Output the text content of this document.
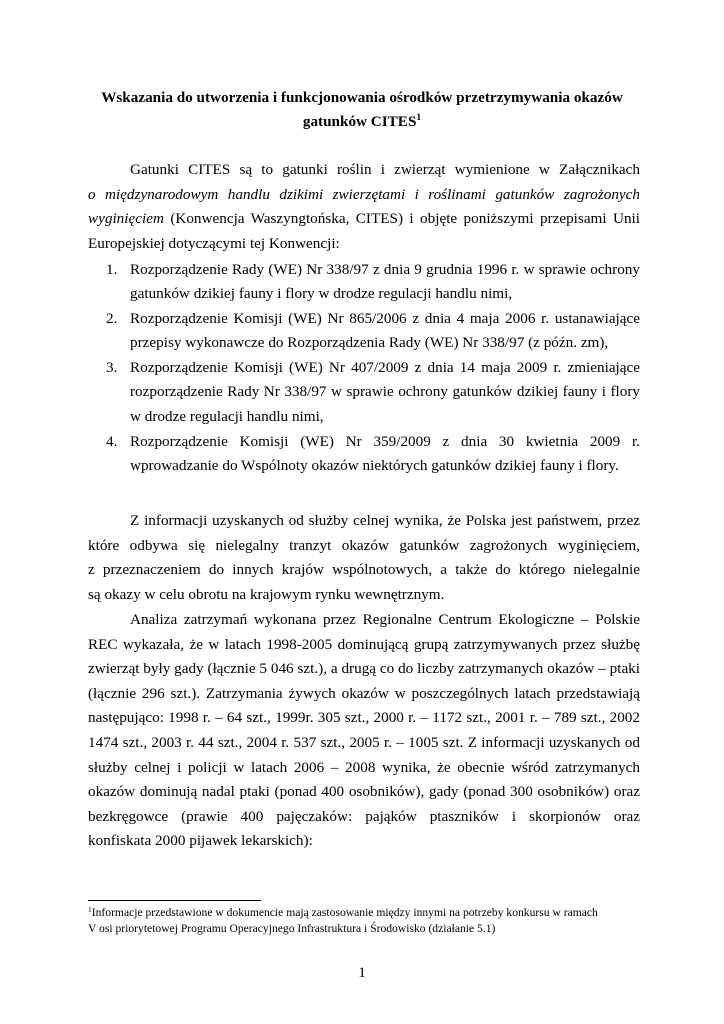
Wskazania do utworzenia i funkcjonowania ośrodków przetrzymywania okazów
gatunków CITES$^1$
Gatunki CITES są to gatunki roślin i zwierząt wymienione w Załącznikach
o międzynarodowym handlu dzikimi zwierzętami i roślinami gatunków zagrożonych
wyginięciem (Konwencja Waszyngtońska, CITES) i objęte poniższymi przepisami Unii
Europejskiej dotyczącymi tej Konwencji:
1. Rozporządzenie Rady (WE) Nr 338/97 z dnia 9 grudnia 1996 r. w sprawie ochrony
gatunków dzikiej fauny i flory w drodze regulacji handlu nimi,
2. Rozporządzenie Komisji (WE) Nr 865/2006 z dnia 4 maja 2006 r. ustanawiające
przepisy wykonawcze do Rozporządzenia Rady (WE) Nr 338/97 (z późn. zm),
3. Rozporządzenie Komisji (WE) Nr 407/2009 z dnia 14 maja 2009 r. zmieniające
rozporządzenie Rady Nr 338/97 w sprawie ochrony gatunków dzikiej fauny i flory
w drodze regulacji handlu nimi,
4. Rozporządzenie Komisji (WE) Nr 359/2009 z dnia 30 kwietnia 2009 r.
wprowadzanie do Wspólnoty okazów niektórych gatunków dzikiej fauny i flory.
Z informacji uzyskanych od służby celnej wynika, że Polska jest państwem, przez
które odbywa się nielegalny tranzyt okazów gatunków zagrożonych wyginięciem,
z przeznaczeniem do innych krajów wspólnotowych, a także do którego nielegalnie
są okazy w celu obrotu na krajowym rynku wewnętrznym.
Analiza zatrzymań wykonana przez Regionalne Centrum Ekologiczne – Polskie
REC wykazała, że w latach 1998-2005 dominującą grupą zatrzymywanych przez służbę
zwierząt były gady (łącznie 5 046 szt.), a drugą co do liczby zatrzymanych okazów – ptaki
(łącznie 296 szt.). Zatrzymania żywych okazów w poszczególnych latach przedstawiają
następująco: 1998 r. – 64 szt., 1999r. 305 szt., 2000 r. – 1172 szt., 2001 r. – 789 szt., 2002
1474 szt., 2003 r. 44 szt., 2004 r. 537 szt., 2005 r. – 1005 szt. Z informacji uzyskanych od
służby celnej i policji w latach 2006 – 2008 wynika, że obecnie wśród zatrzymanych
okazów dominują nadal ptaki (ponad 400 osobników), gady (ponad 300 osobników) oraz
bezkręgowce (prawie 400 pajęczaków: pająków ptaszników i skorpionów oraz
konfiskata 2000 pijawek lekarskich):
$^1$Informacje przedstawione w dokumencie mają zastosowanie między innymi na potrzeby konkursu w ramach
V osi priorytetowej Programu Operacyjnego Infrastruktura i Środowisko (działanie 5.1)
1
